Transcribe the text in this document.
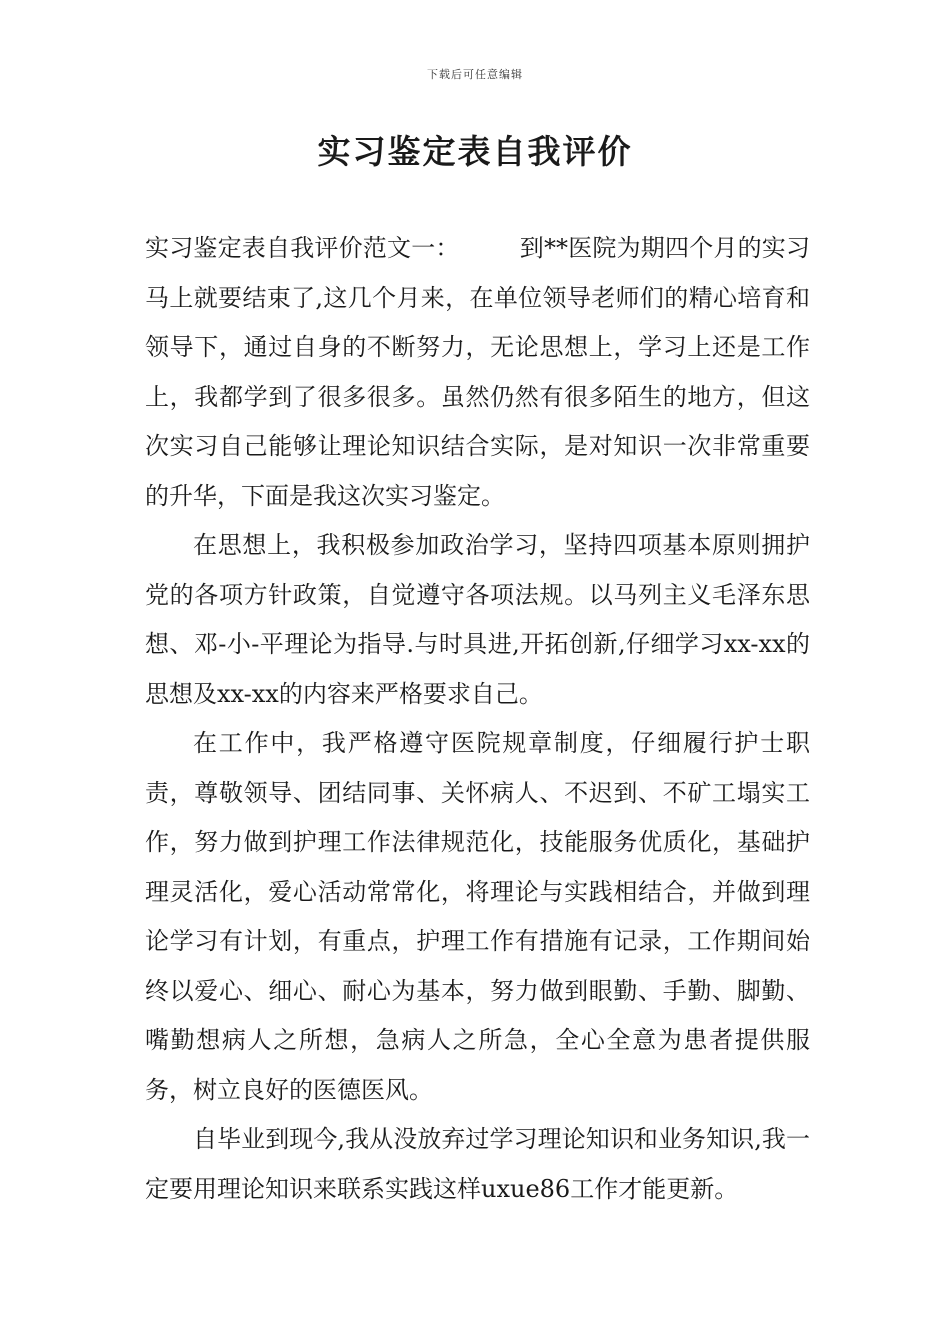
下载后可任意编辑
实习鉴定表自我评价

实习鉴定表自我评价范文一：	到**医院为期四个月的实习马上就要结束了,这几个月来，在单位领导老师们的精心培育和领导下，通过自身的不断努力，无论思想上，学习上还是工作上，我都学到了很多很多。虽然仍然有很多陌生的地方，但这次实习自己能够让理论知识结合实际，是对知识一次非常重要的升华，下面是我这次实习鉴定。

在思想上，我积极参加政治学习，坚持四项基本原则拥护党的各项方针政策，自觉遵守各项法规。以马列主义毛泽东思想、邓-小-平理论为指导.与时具进,开拓创新,仔细学习xx-xx的思想及xx-xx的内容来严格要求自己。

在工作中，我严格遵守医院规章制度，仔细履行护士职责，尊敬领导、团结同事、关怀病人、不迟到、不矿工塌实工作，努力做到护理工作法律规范化，技能服务优质化，基础护理灵活化，爱心活动常常化，将理论与实践相结合，并做到理论学习有计划，有重点，护理工作有措施有记录，工作期间始终以爱心、细心、耐心为基本，努力做到眼勤、手勤、脚勤、嘴勤想病人之所想，急病人之所急，全心全意为患者提供服务，树立良好的医德医风。

自毕业到现今,我从没放弃过学习理论知识和业务知识,我一定要用理论知识来联系实践这样uxue86工作才能更新。
